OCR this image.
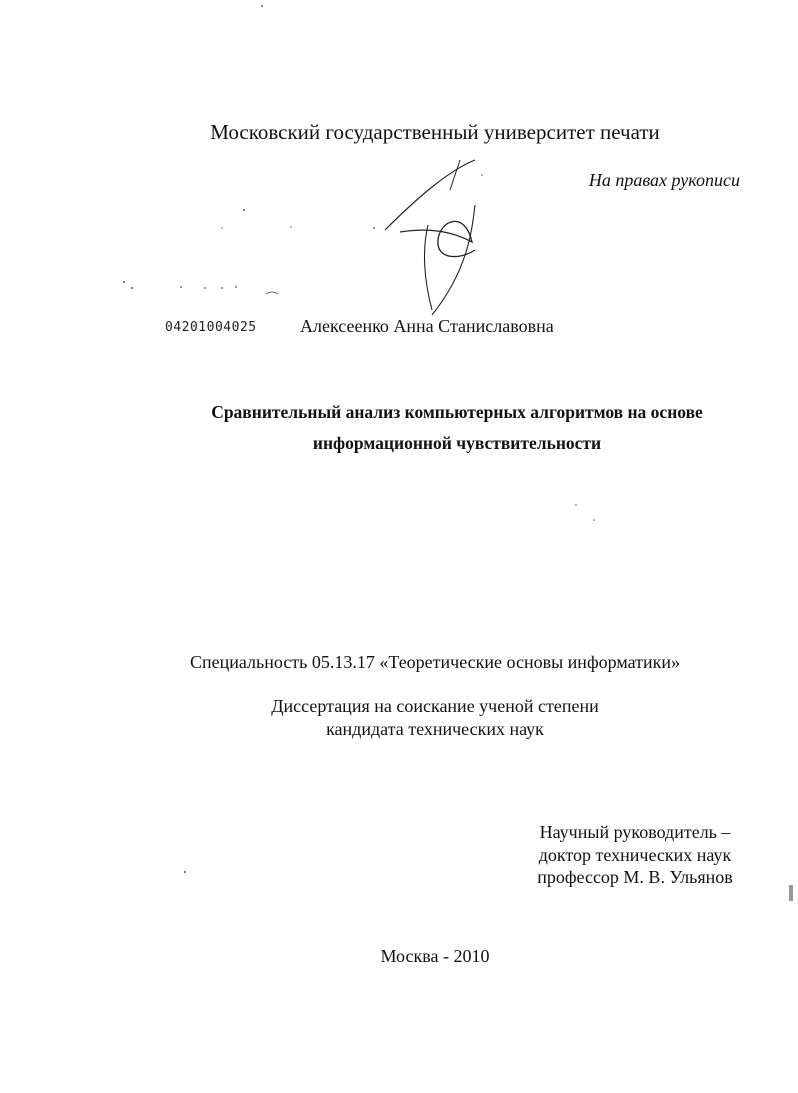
Московский государственный университет печати
На правах рукописи
04201004025 Алексеенко Анна Станиславовна
Сравнительный анализ компьютерных алгоритмов на основе
информационной чувствительности
Специальность 05.13.17 «Теоретические основы информатики»
Диссертация на соискание ученой степени
кандидата технических наук
Научный руководитель –
доктор технических наук
профессор М. В. Ульянов
Москва - 2010
